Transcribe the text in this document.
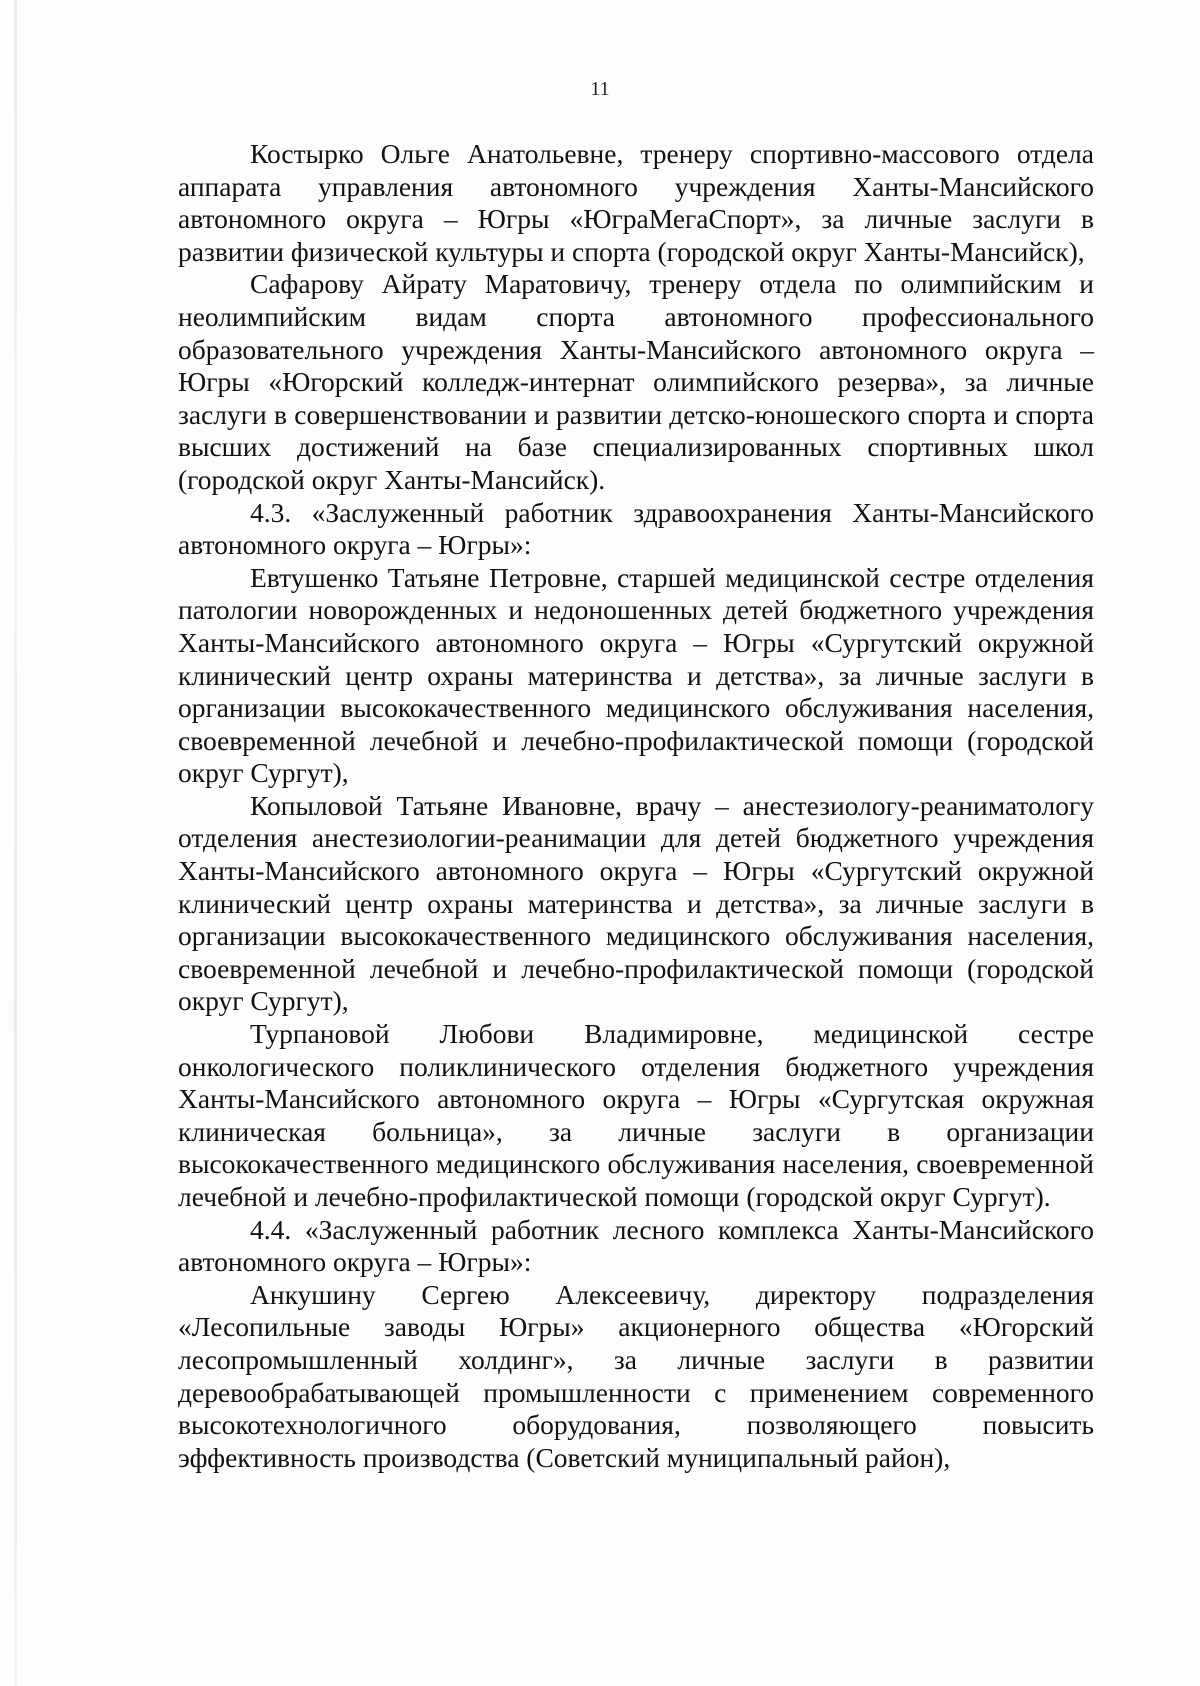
11

Костырко Ольге Анатольевне, тренеру спортивно-массового отдела аппарата управления автономного учреждения Ханты-Мансийского автономного округа – Югры «ЮграМегаСпорт», за личные заслуги в развитии физической культуры и спорта (городской округ Ханты-Мансийск),

Сафарову Айрату Маратовичу, тренеру отдела по олимпийским и неолимпийским видам спорта автономного профессионального образовательного учреждения Ханты-Мансийского автономного округа – Югры «Югорский колледж-интернат олимпийского резерва», за личные заслуги в совершенствовании и развитии детско-юношеского спорта и спорта высших достижений на базе специализированных спортивных школ (городской округ Ханты-Мансийск).

4.3. «Заслуженный работник здравоохранения Ханты-Мансийского автономного округа – Югры»:

Евтушенко Татьяне Петровне, старшей медицинской сестре отделения патологии новорожденных и недоношенных детей бюджетного учреждения Ханты-Мансийского автономного округа – Югры «Сургутский окружной клинический центр охраны материнства и детства», за личные заслуги в организации высококачественного медицинского обслуживания населения, своевременной лечебной и лечебно-профилактической помощи (городской округ Сургут),

Копыловой Татьяне Ивановне, врачу – анестезиологу-реаниматологу отделения анестезиологии-реанимации для детей бюджетного учреждения Ханты-Мансийского автономного округа – Югры «Сургутский окружной клинический центр охраны материнства и детства», за личные заслуги в организации высококачественного медицинского обслуживания населения, своевременной лечебной и лечебно-профилактической помощи (городской округ Сургут),

Турпановой Любови Владимировне, медицинской сестре онкологического поликлинического отделения бюджетного учреждения Ханты-Мансийского автономного округа – Югры «Сургутская окружная клиническая больница», за личные заслуги в организации высококачественного медицинского обслуживания населения, своевременной лечебной и лечебно-профилактической помощи (городской округ Сургут).

4.4. «Заслуженный работник лесного комплекса Ханты-Мансийского автономного округа – Югры»:

Анкушину Сергею Алексеевичу, директору подразделения «Лесопильные заводы Югры» акционерного общества «Югорский лесопромышленный холдинг», за личные заслуги в развитии деревообрабатывающей промышленности с применением современного высокотехнологичного оборудования, позволяющего повысить эффективность производства (Советский муниципальный район),
